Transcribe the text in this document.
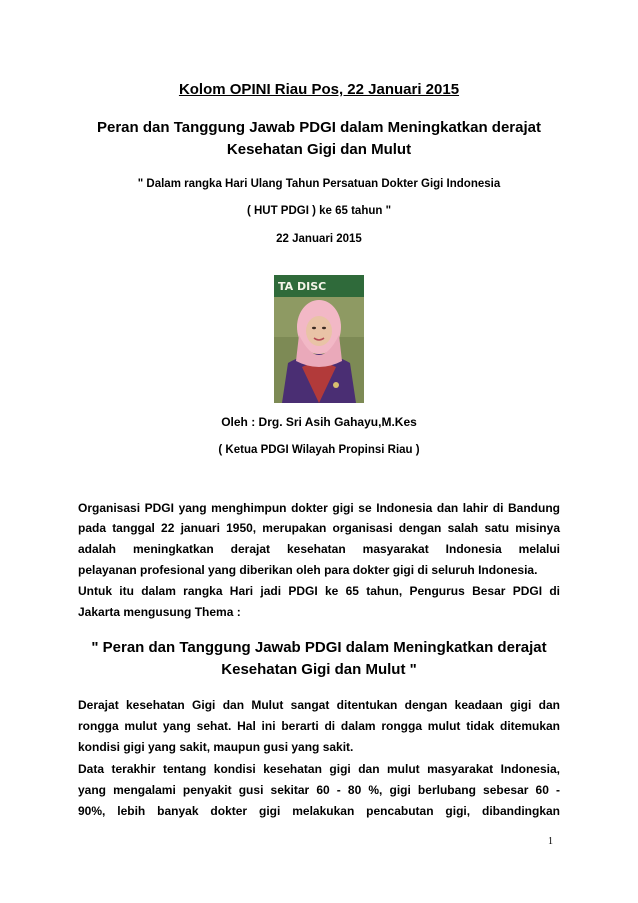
Kolom OPINI Riau Pos, 22 Januari 2015
Peran dan Tanggung Jawab PDGI dalam Meningkatkan derajat
Kesehatan Gigi dan Mulut
" Dalam rangka Hari Ulang Tahun Persatuan Dokter Gigi Indonesia
( HUT PDGI ) ke 65 tahun "
22 Januari 2015
TA DISC
Oleh : Drg. Sri Asih Gahayu,M.Kes
( Ketua PDGI Wilayah Propinsi Riau )
Organisasi PDGI yang menghimpun dokter gigi se Indonesia dan lahir di Bandung
pada tanggal 22 januari 1950, merupakan organisasi dengan salah satu misinya
adalah meningkatkan derajat kesehatan masyarakat Indonesia melalui
pelayanan profesional yang diberikan oleh para dokter gigi di seluruh Indonesia.
Untuk itu dalam rangka Hari jadi PDGI ke 65 tahun, Pengurus Besar PDGI di
Jakarta mengusung Thema :
" Peran dan Tanggung Jawab PDGI dalam Meningkatkan derajat
Kesehatan Gigi dan Mulut "
Derajat kesehatan Gigi dan Mulut sangat ditentukan dengan keadaan gigi dan
rongga mulut yang sehat. Hal ini berarti di dalam rongga mulut tidak ditemukan
kondisi gigi yang sakit, maupun gusi yang sakit.
Data terakhir tentang kondisi kesehatan gigi dan mulut masyarakat Indonesia,
yang mengalami penyakit gusi sekitar 60 - 80 %, gigi berlubang sebesar 60 -
90%, lebih banyak dokter gigi melakukan pencabutan gigi, dibandingkan
1
